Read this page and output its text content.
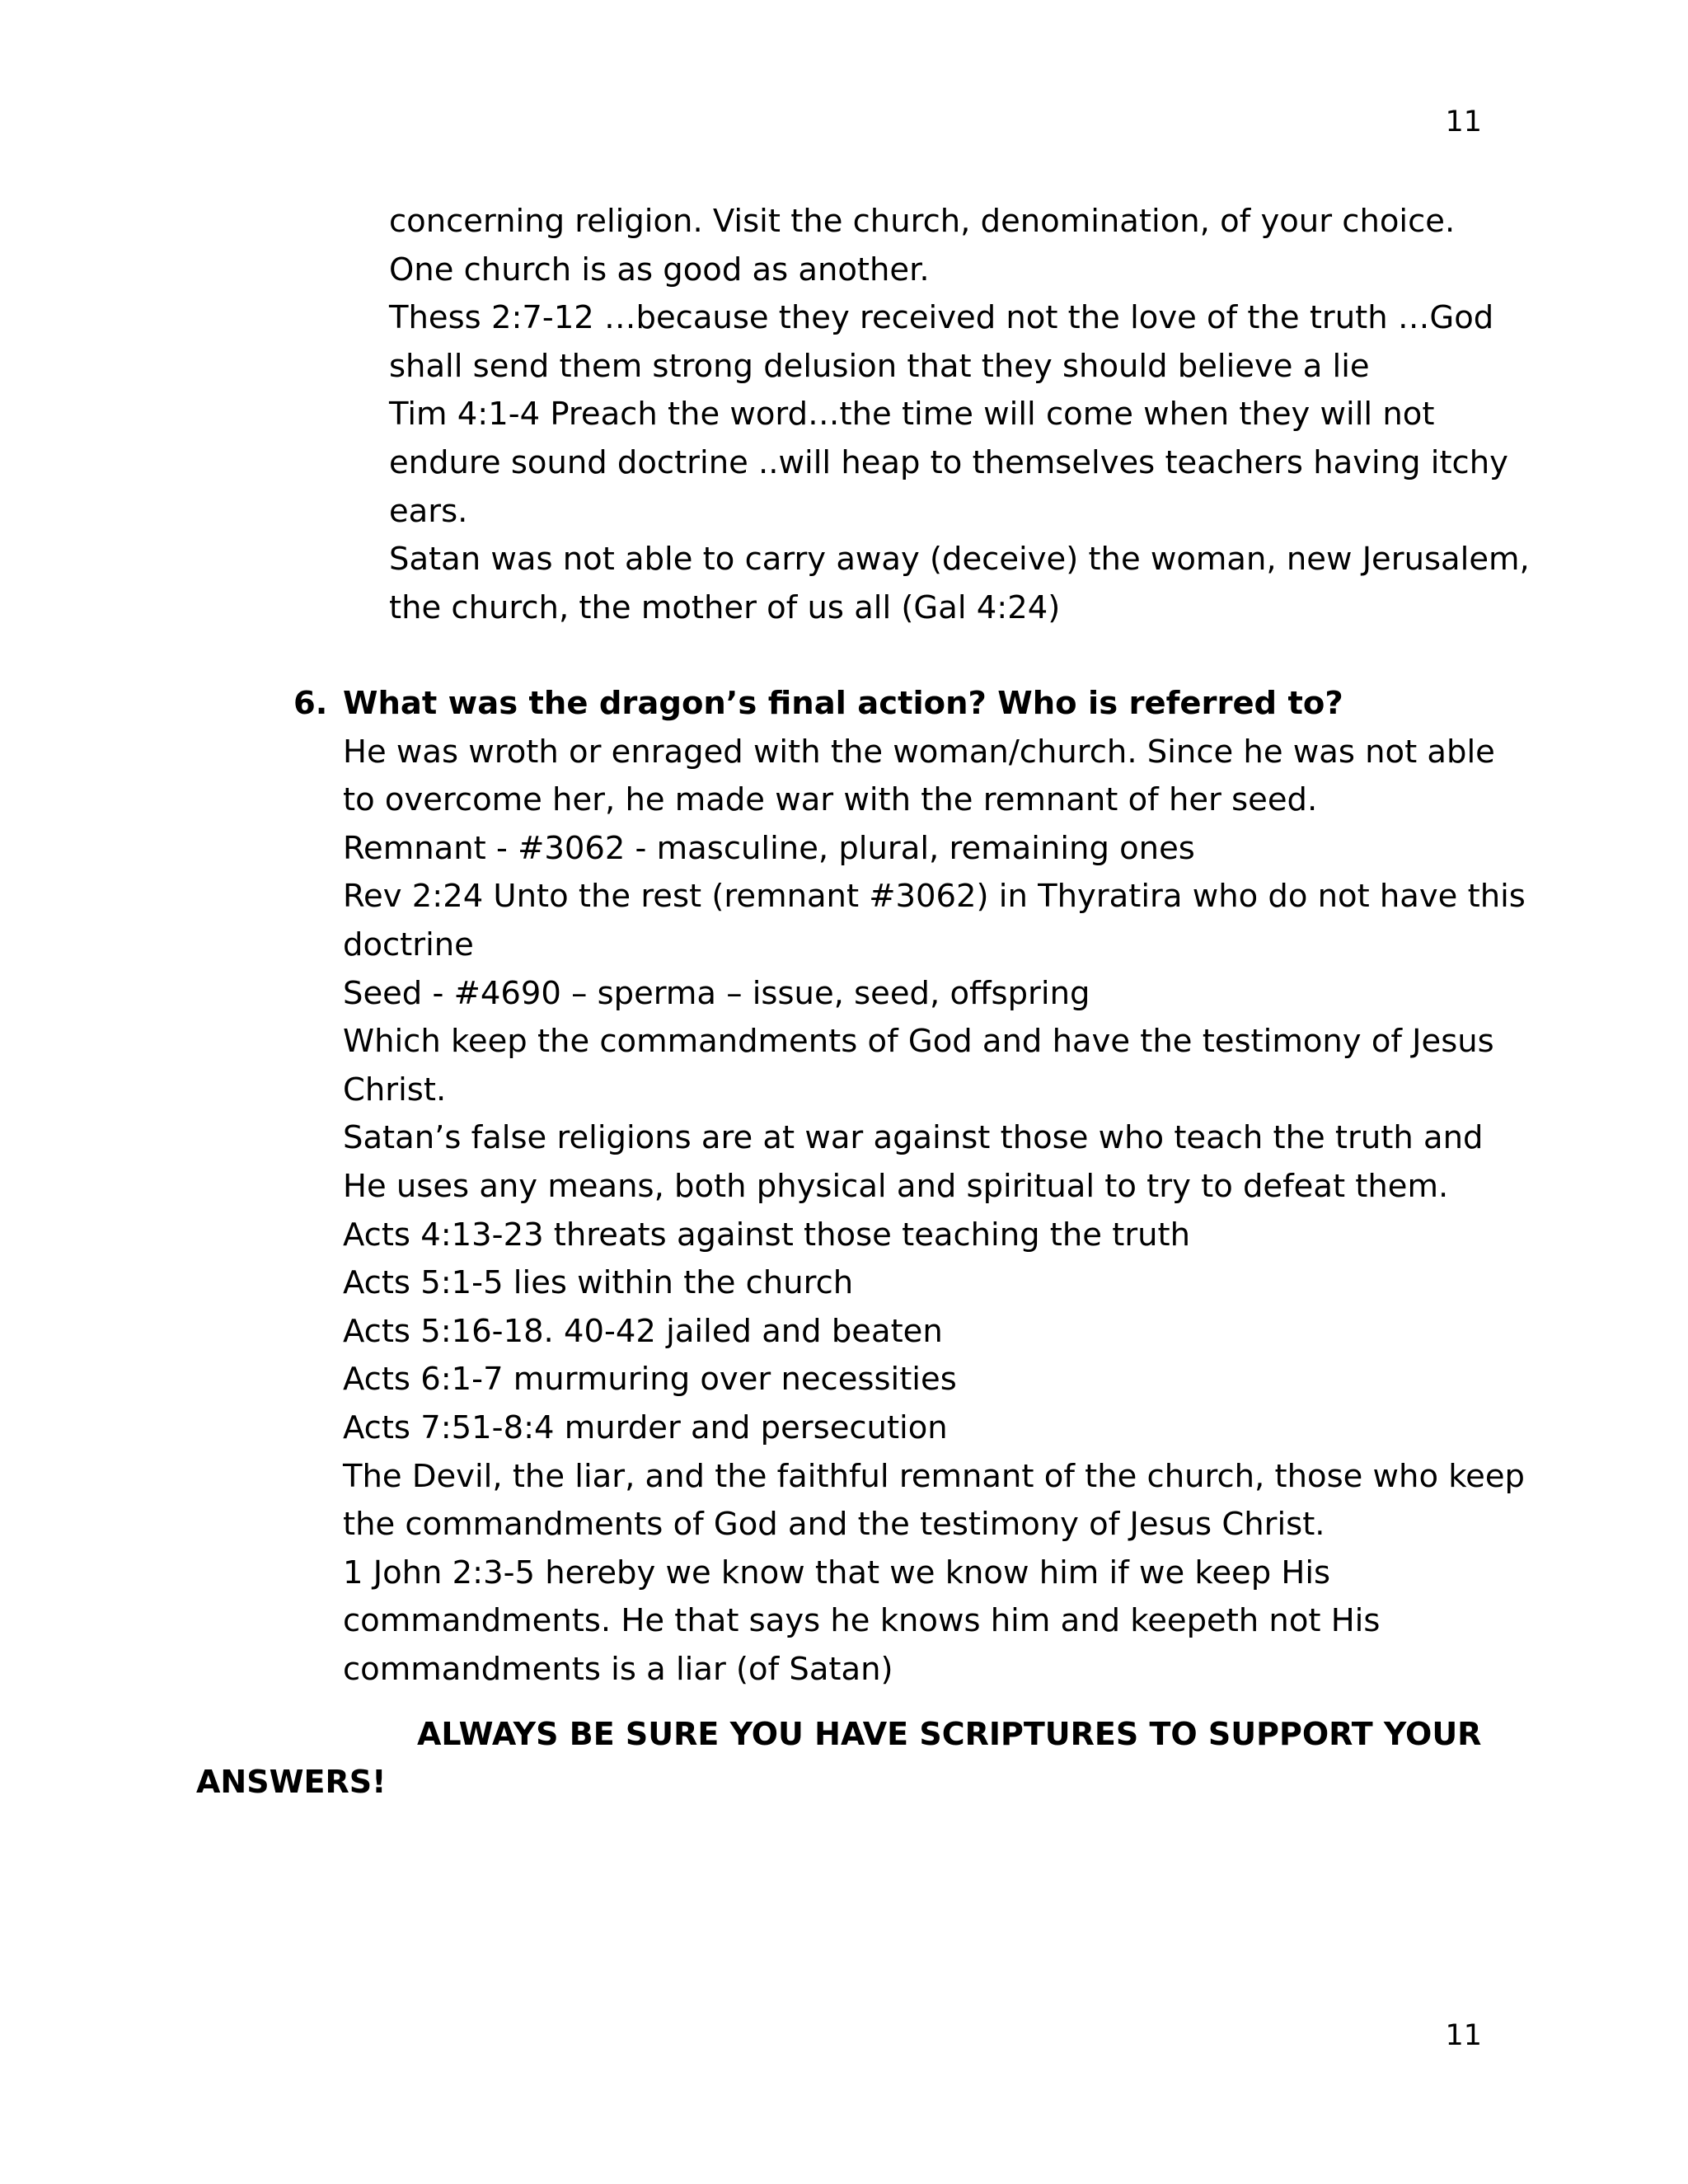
11
concerning religion. Visit the church, denomination, of your choice.
One church is as good as another.
Thess 2:7-12 …because they received not the love of the truth …God
shall send them strong delusion that they should believe a lie
Tim 4:1-4 Preach the word…the time will come when they will not
endure sound doctrine ..will heap to themselves teachers having itchy
ears.
Satan was not able to carry away (deceive) the woman, new Jerusalem,
the church, the mother of us all (Gal 4:24)
6. What was the dragon’s final action? Who is referred to?
He was wroth or enraged with the woman/church. Since he was not able
to overcome her, he made war with the remnant of her seed.
Remnant - #3062 - masculine, plural, remaining ones
Rev 2:24 Unto the rest (remnant #3062) in Thyratira who do not have this
doctrine
Seed - #4690 – sperma – issue, seed, offspring
Which keep the commandments of God and have the testimony of Jesus
Christ.
Satan’s false religions are at war against those who teach the truth and
He uses any means, both physical and spiritual to try to defeat them.
Acts 4:13-23 threats against those teaching the truth
Acts 5:1-5 lies within the church
Acts 5:16-18. 40-42 jailed and beaten
Acts 6:1-7 murmuring over necessities
Acts 7:51-8:4 murder and persecution
The Devil, the liar, and the faithful remnant of the church, those who keep
the commandments of God and the testimony of Jesus Christ.
1 John 2:3-5 hereby we know that we know him if we keep His
commandments. He that says he knows him and keepeth not His
commandments is a liar (of Satan)
ALWAYS BE SURE YOU HAVE SCRIPTURES TO SUPPORT YOUR
ANSWERS!
11
